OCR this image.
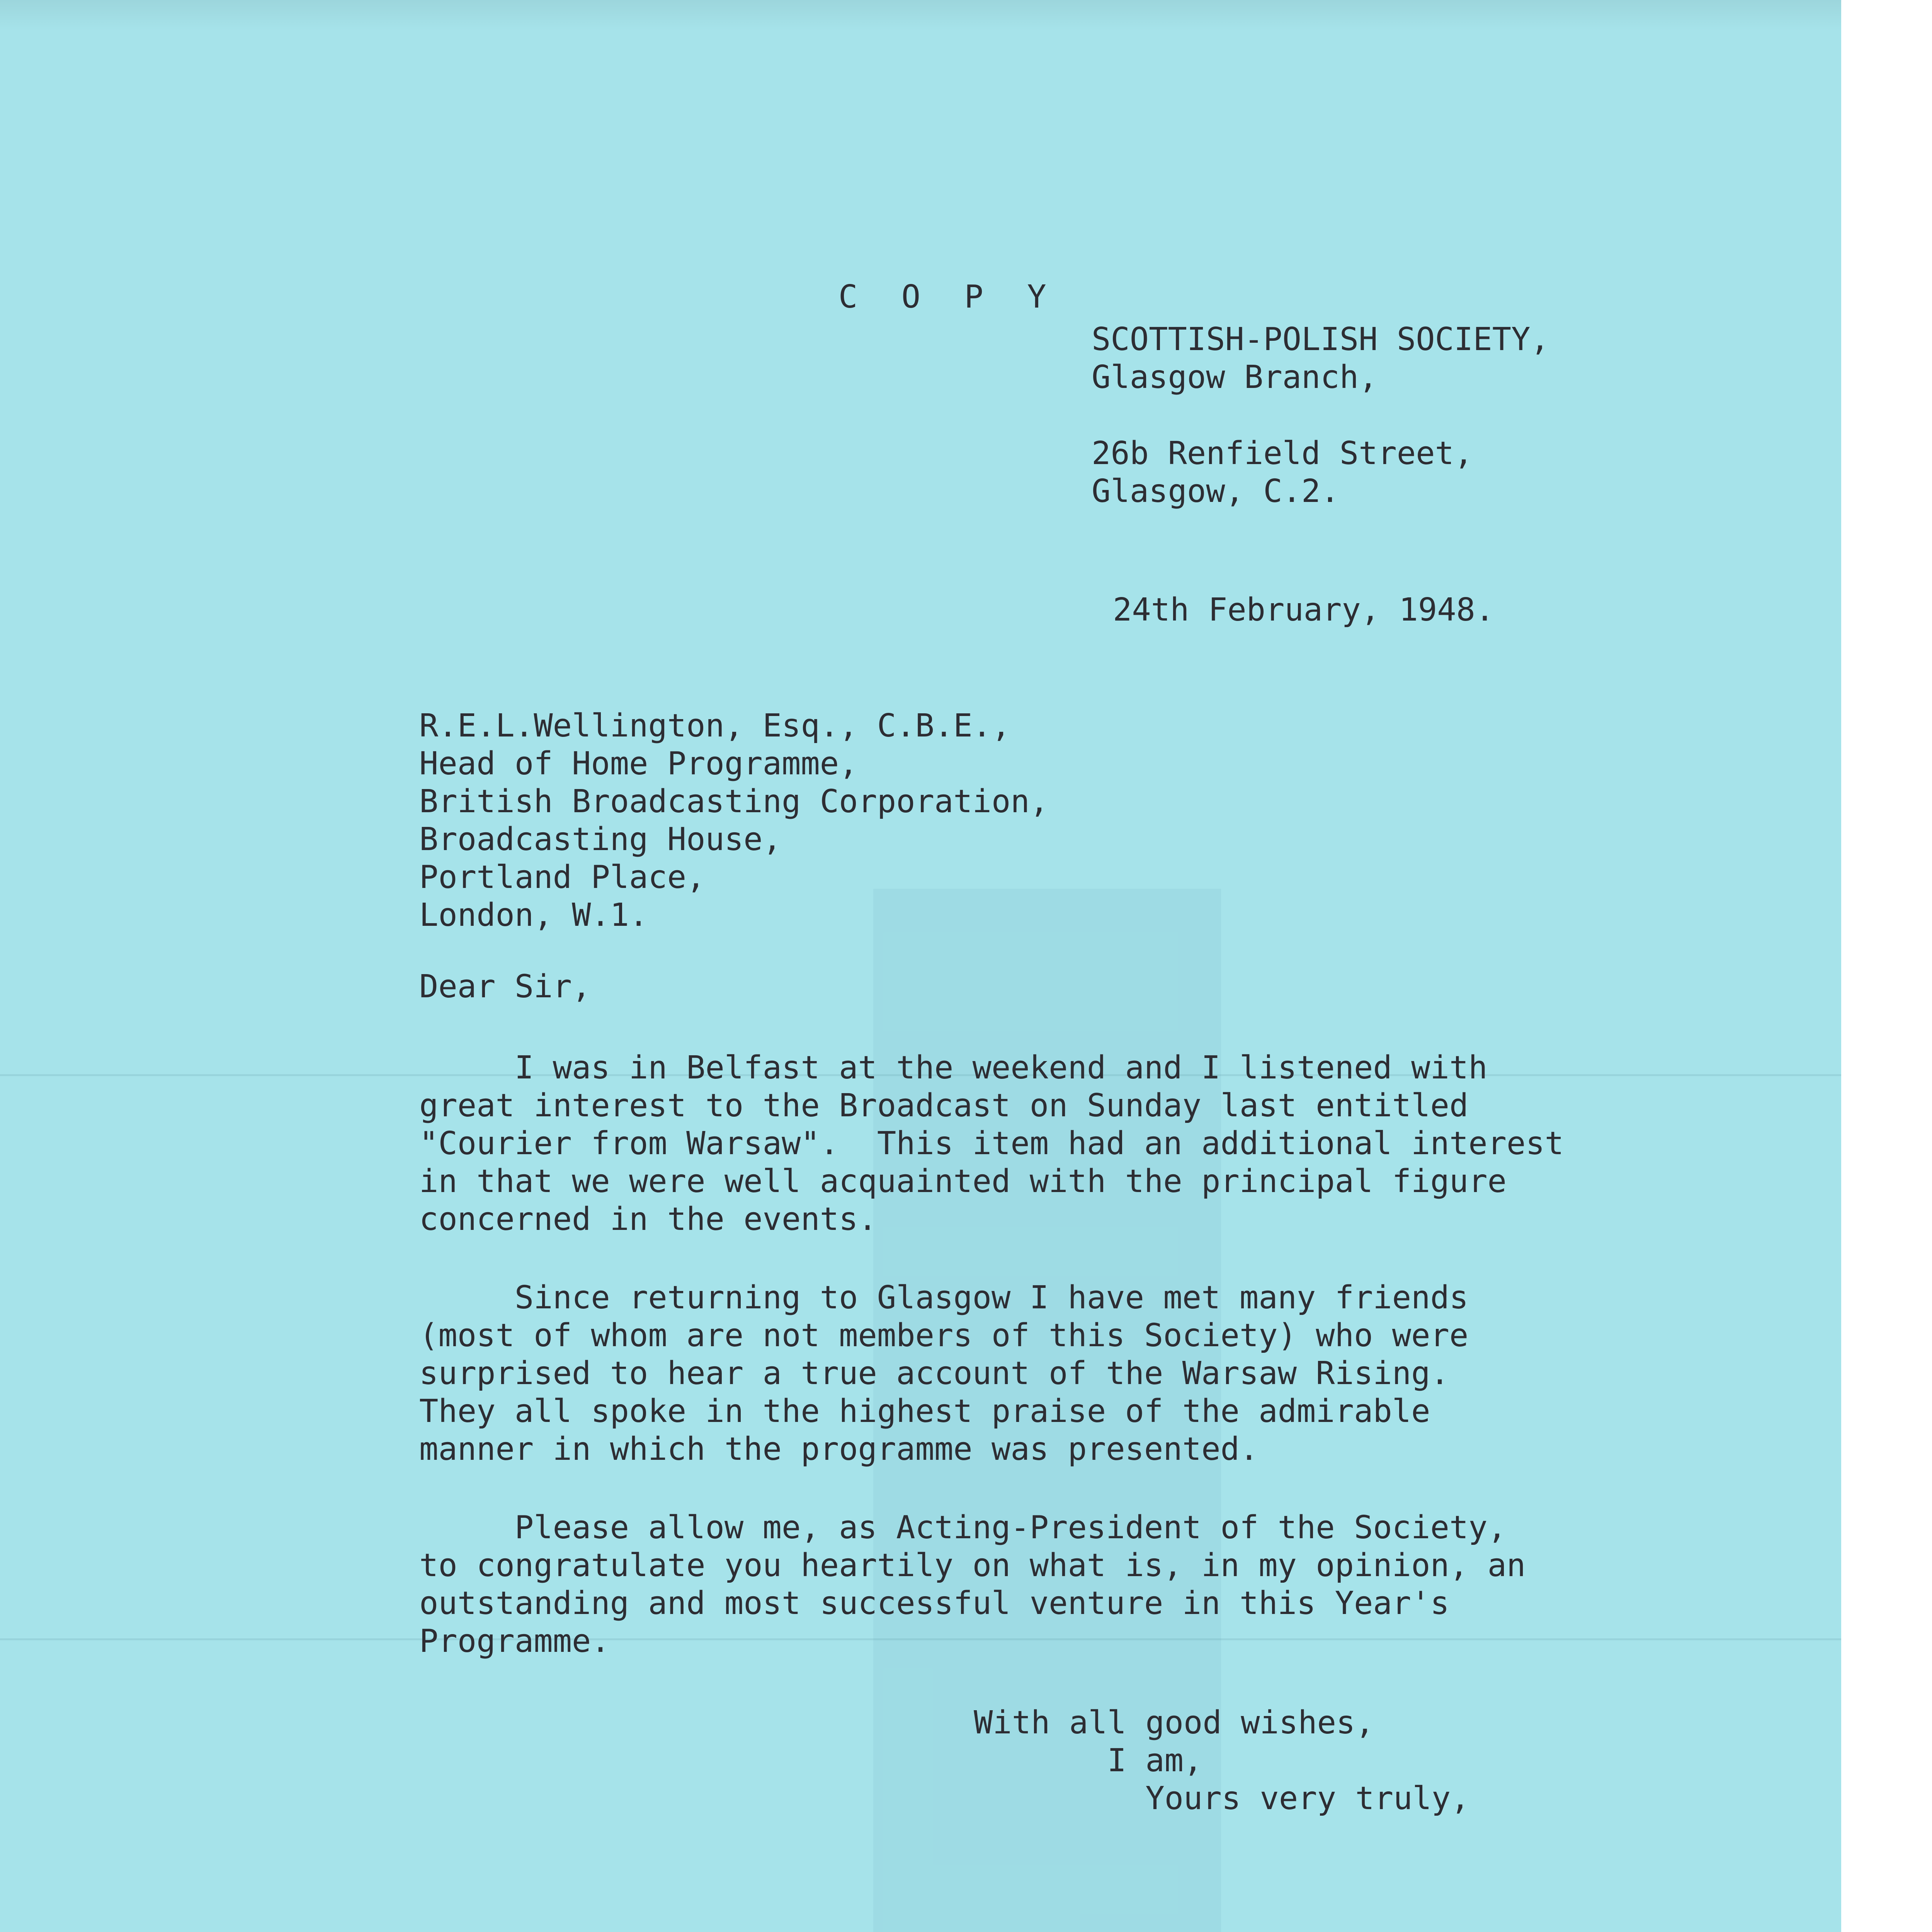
C O P Y
SCOTTISH-POLISH SOCIETY,
Glasgow Branch,
26b Renfield Street,
Glasgow, C.2.
24th February, 1948.
R.E.L.Wellington, Esq., C.B.E.,
Head of Home Programme,
British Broadcasting Corporation,
Broadcasting House,
Portland Place,
London, W.1.
Dear Sir,
I was in Belfast at the weekend and I listened with
great interest to the Broadcast on Sunday last entitled
"Courier from Warsaw".  This item had an additional interest
in that we were well acquainted with the principal figure
concerned in the events.
Since returning to Glasgow I have met many friends
(most of whom are not members of this Society) who were
surprised to hear a true account of the Warsaw Rising.
They all spoke in the highest praise of the admirable
manner in which the programme was presented.
Please allow me, as Acting-President of the Society,
to congratulate you heartily on what is, in my opinion, an
outstanding and most successful venture in this Year's
Programme.
With all good wishes,
I am,
Yours very truly,
